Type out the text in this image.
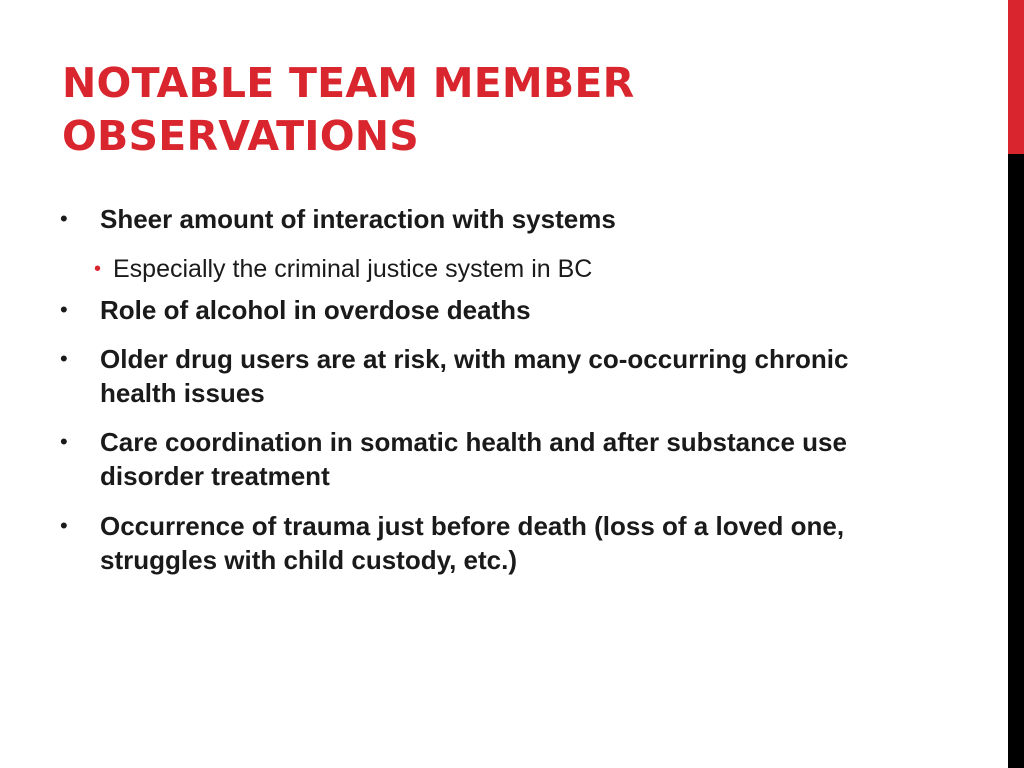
NOTABLE TEAM MEMBER
OBSERVATIONS
• Sheer amount of interaction with systems
• Especially the criminal justice system in BC
• Role of alcohol in overdose deaths
• Older drug users are at risk, with many co-occurring chronic health issues
• Care coordination in somatic health and after substance use disorder treatment
• Occurrence of trauma just before death (loss of a loved one, struggles with child custody, etc.)
